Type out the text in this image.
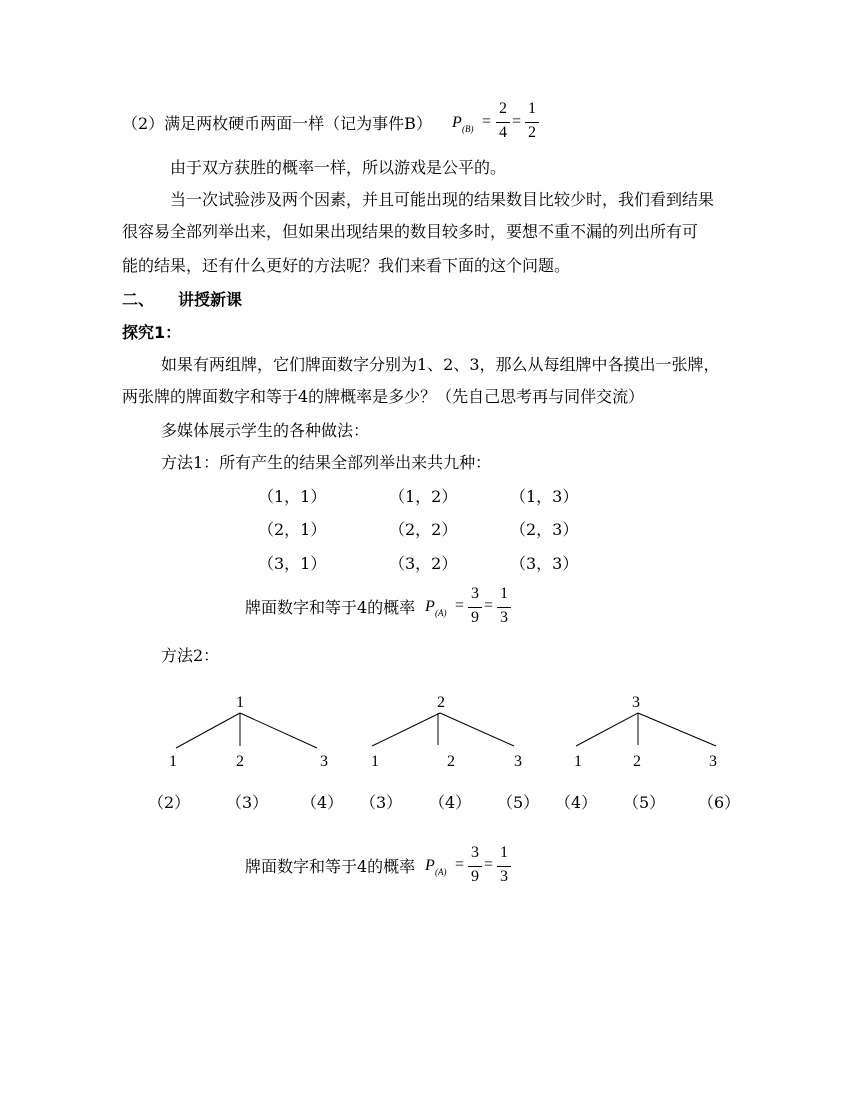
（2）满足两枚硬币两面一样（记为事件B） P (B) =
2
4
=
1
2
由于双方获胜的概率一样，所以游戏是公平的。
当一次试验涉及两个因素，并且可能出现的结果数目比较少时，我们看到结果
很容易全部列举出来，但如果出现结果的数目较多时，要想不重不漏的列出所有可
能的结果，还有什么更好的方法呢？我们来看下面的这个问题。
二、 讲授新课
探究1：
如果有两组牌，它们牌面数字分别为1、2、3，那么从每组牌中各摸出一张牌，
两张牌的牌面数字和等于4的牌概率是多少？（先自己思考再与同伴交流）
多媒体展示学生的各种做法：
方法1：所有产生的结果全部列举出来共九种：
（1，1）	（1，2）	（1，3）
（2，1）	（2，2）	（2，3）
（3，1）	（3，2）	（3，3）
牌面数字和等于4的概率 P (A) =
3
9
=
1
3
方法2：
1
1	2	3
2
1	2	3
3
1	2	3
（2） （3） （4） （3） （4） （5） （4） （5） （6）
牌面数字和等于4的概率 P (A) =
3
9
=
1
3
